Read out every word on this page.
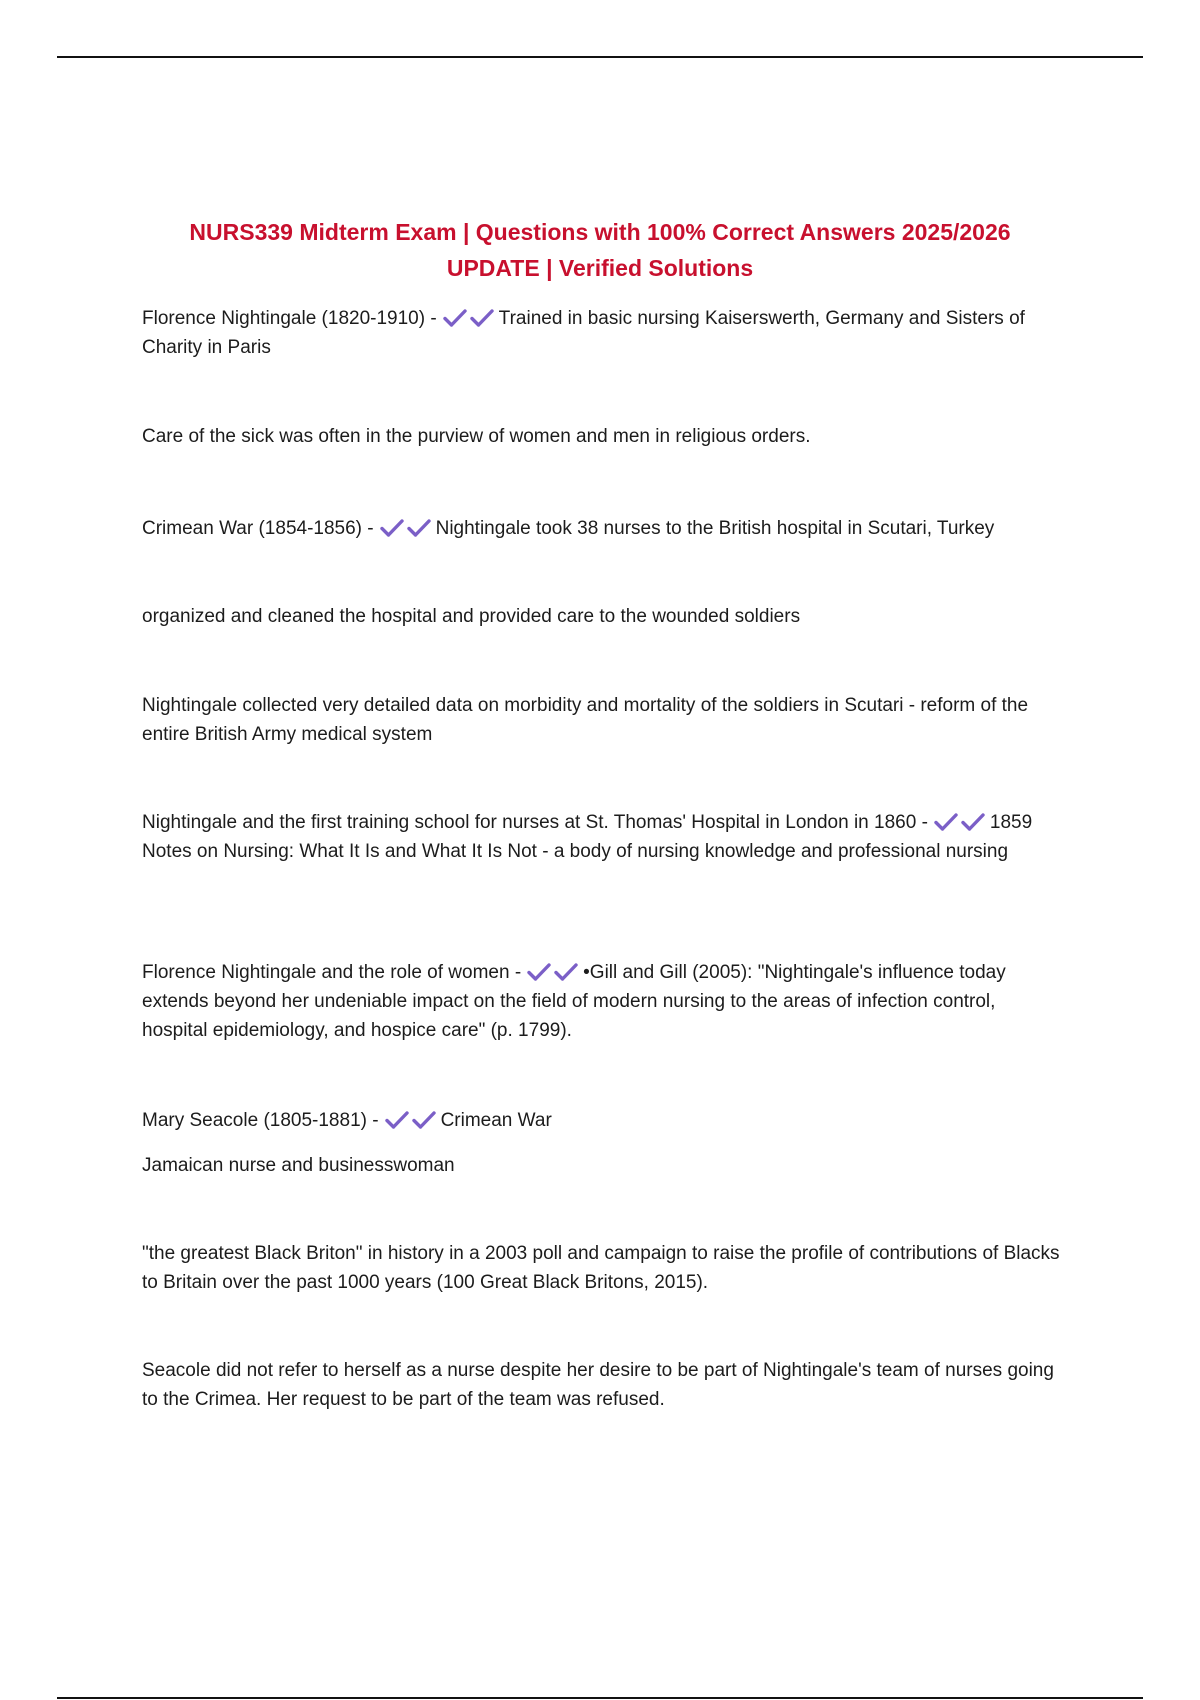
NURS339 Midterm Exam | Questions with 100% Correct Answers 2025/2026 UPDATE | Verified Solutions

Florence Nightingale (1820-1910) -	Trained in basic nursing Kaiserswerth, Germany and Sisters of Charity in Paris

Care of the sick was often in the purview of women and men in religious orders.

Crimean War (1854-1856) -	Nightingale took 38 nurses to the British hospital in Scutari, Turkey

organized and cleaned the hospital and provided care to the wounded soldiers

Nightingale collected very detailed data on morbidity and mortality of the soldiers in Scutari - reform of the entire British Army medical system

Nightingale and the first training school for nurses at St. Thomas' Hospital in London in 1860 -	1859 Notes on Nursing: What It Is and What It Is Not - a body of nursing knowledge and professional nursing

Florence Nightingale and the role of women -	•Gill and Gill (2005): "Nightingale's influence today extends beyond her undeniable impact on the field of modern nursing to the areas of infection control, hospital epidemiology, and hospice care" (p. 1799).

Mary Seacole (1805-1881) -	Crimean War

Jamaican nurse and businesswoman

"the greatest Black Briton" in history in a 2003 poll and campaign to raise the profile of contributions of Blacks to Britain over the past 1000 years (100 Great Black Britons, 2015).

Seacole did not refer to herself as a nurse despite her desire to be part of Nightingale's team of nurses going to the Crimea. Her request to be part of the team was refused.
